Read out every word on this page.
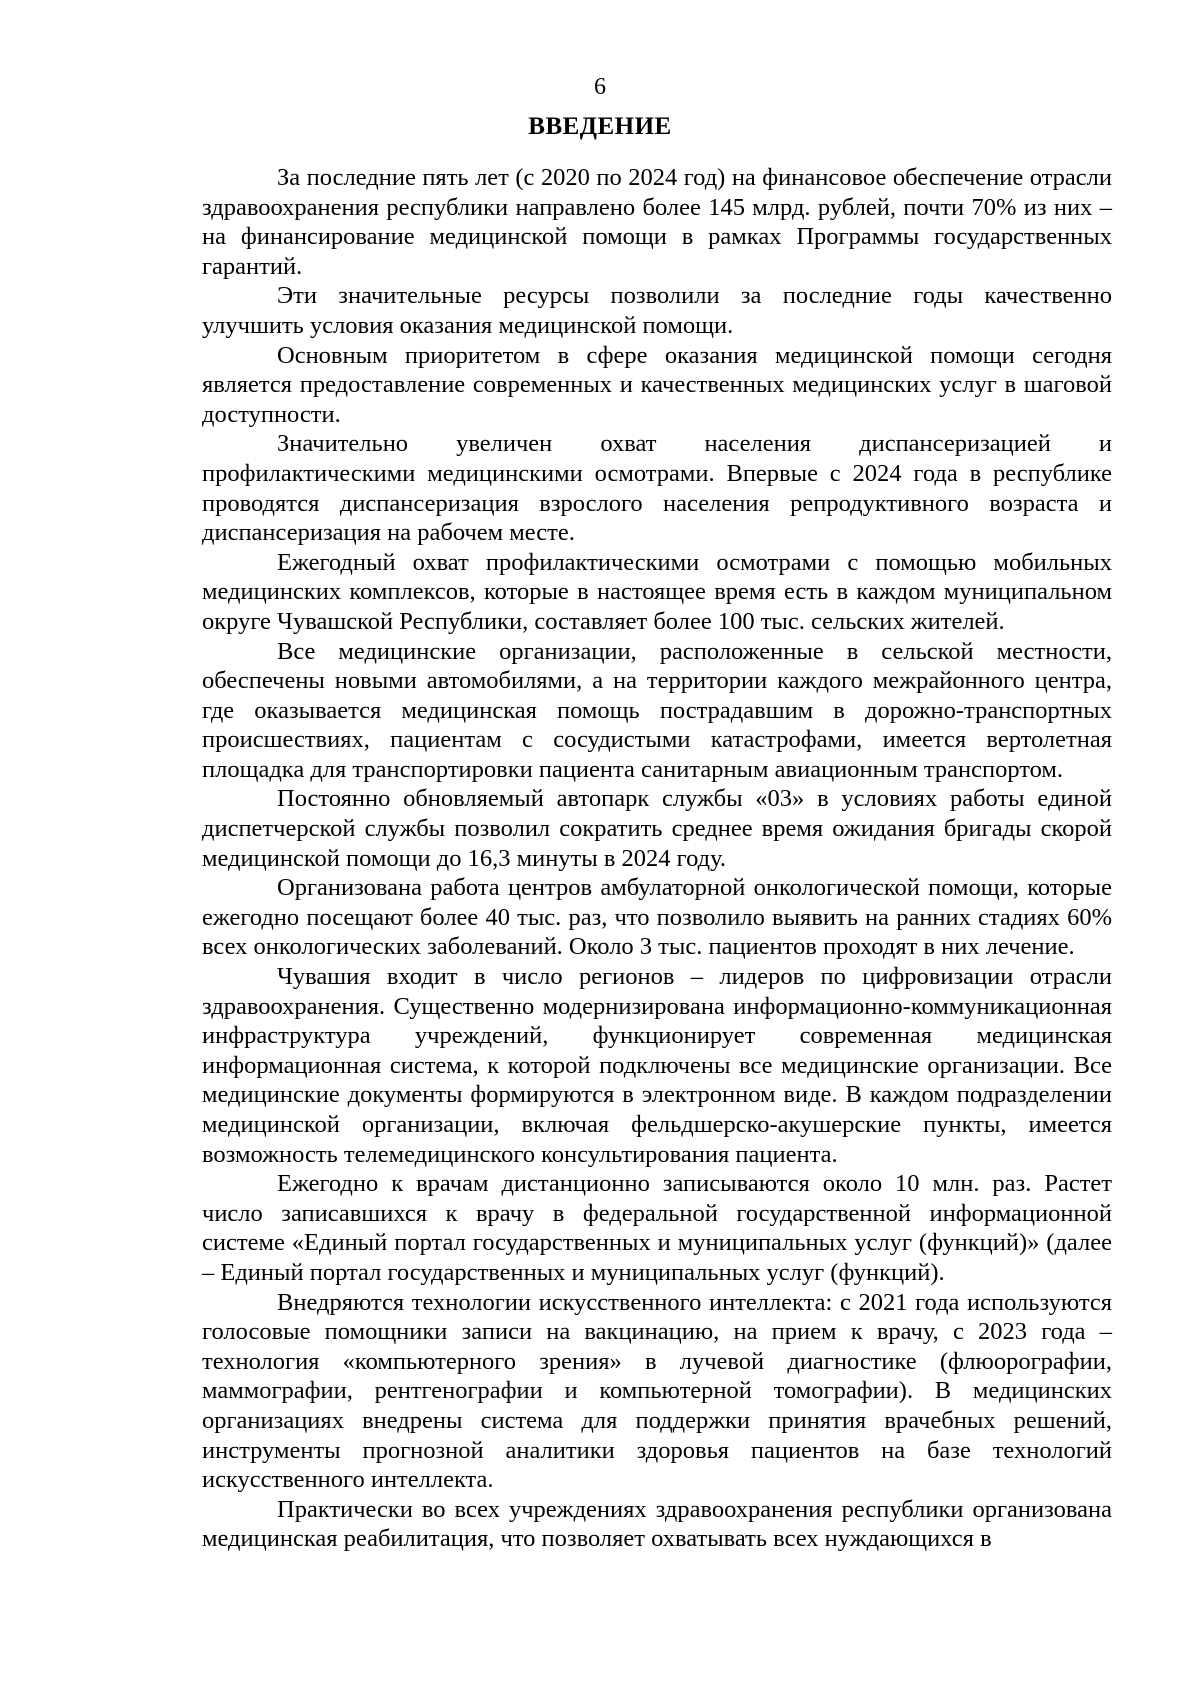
6
ВВЕДЕНИЕ

За последние пять лет (с 2020 по 2024 год) на финансовое обеспечение отрасли здравоохранения республики направлено более 145 млрд. рублей, почти 70% из них – на финансирование медицинской помощи в рамках Программы государственных гарантий.

Эти значительные ресурсы позволили за последние годы качественно улучшить условия оказания медицинской помощи.

Основным приоритетом в сфере оказания медицинской помощи сегодня является предоставление современных и качественных медицинских услуг в шаговой доступности.

Значительно увеличен охват населения диспансеризацией и профилактическими медицинскими осмотрами. Впервые с 2024 года в республике проводятся диспансеризация взрослого населения репродуктивного возраста и диспансеризация на рабочем месте.

Ежегодный охват профилактическими осмотрами с помощью мобильных медицинских комплексов, которые в настоящее время есть в каждом муниципальном округе Чувашской Республики, составляет более 100 тыс. сельских жителей.

Все медицинские организации, расположенные в сельской местности, обеспечены новыми автомобилями, а на территории каждого межрайонного центра, где оказывается медицинская помощь пострадавшим в дорожно-транспортных происшествиях, пациентам с сосудистыми катастрофами, имеется вертолетная площадка для транспортировки пациента санитарным авиационным транспортом.

Постоянно обновляемый автопарк службы «03» в условиях работы единой диспетчерской службы позволил сократить среднее время ожидания бригады скорой медицинской помощи до 16,3 минуты в 2024 году.

Организована работа центров амбулаторной онкологической помощи, которые ежегодно посещают более 40 тыс. раз, что позволило выявить на ранних стадиях 60% всех онкологических заболеваний. Около 3 тыс. пациентов проходят в них лечение.

Чувашия входит в число регионов – лидеров по цифровизации отрасли здравоохранения. Существенно модернизирована информационно-коммуникационная инфраструктура учреждений, функционирует современная медицинская информационная система, к которой подключены все медицинские организации. Все медицинские документы формируются в электронном виде. В каждом подразделении медицинской организации, включая фельдшерско-акушерские пункты, имеется возможность телемедицинского консультирования пациента.

Ежегодно к врачам дистанционно записываются около 10 млн. раз. Растет число записавшихся к врачу в федеральной государственной информационной системе «Единый портал государственных и муниципальных услуг (функций)» (далее – Единый портал государственных и муниципальных услуг (функций).

Внедряются технологии искусственного интеллекта: с 2021 года используются голосовые помощники записи на вакцинацию, на прием к врачу, с 2023 года – технология «компьютерного зрения» в лучевой диагностике (флюорографии, маммографии, рентгенографии и компьютерной томографии). В медицинских организациях внедрены система для поддержки принятия врачебных решений, инструменты прогнозной аналитики здоровья пациентов на базе технологий искусственного интеллекта.

Практически во всех учреждениях здравоохранения республики организована медицинская реабилитация, что позволяет охватывать всех нуждающихся в
